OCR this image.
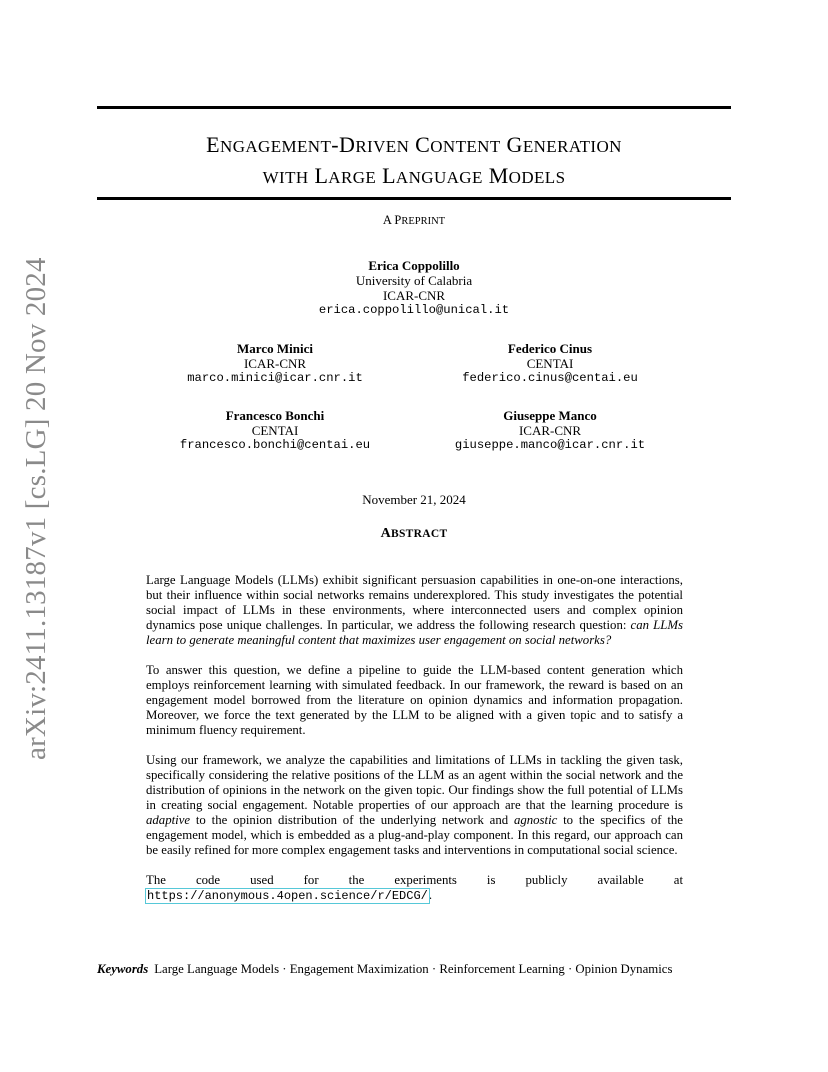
arXiv:2411.13187v1 [cs.LG] 20 Nov 2024
ENGAGEMENT-DRIVEN CONTENT GENERATION
WITH LARGE LANGUAGE MODELS
A PREPRINT
Erica Coppolillo
University of Calabria
ICAR-CNR
erica.coppolillo@unical.it
Marco Minici
ICAR-CNR
marco.minici@icar.cnr.it
Federico Cinus
CENTAI
federico.cinus@centai.eu
Francesco Bonchi
CENTAI
francesco.bonchi@centai.eu
Giuseppe Manco
ICAR-CNR
giuseppe.manco@icar.cnr.it
November 21, 2024
ABSTRACT

Large Language Models (LLMs) exhibit significant persuasion capabilities in one-on-one interactions, but their influence within social networks remains underexplored. This study investigates the potential social impact of LLMs in these environments, where interconnected users and complex opinion dynamics pose unique challenges. In particular, we address the following research question: can LLMs learn to generate meaningful content that maximizes user engagement on social networks?

To answer this question, we define a pipeline to guide the LLM-based content generation which employs reinforcement learning with simulated feedback. In our framework, the reward is based on an engagement model borrowed from the literature on opinion dynamics and information propagation. Moreover, we force the text generated by the LLM to be aligned with a given topic and to satisfy a minimum fluency requirement.

Using our framework, we analyze the capabilities and limitations of LLMs in tackling the given task, specifically considering the relative positions of the LLM as an agent within the social network and the distribution of opinions in the network on the given topic. Our findings show the full potential of LLMs in creating social engagement. Notable properties of our approach are that the learning procedure is adaptive to the opinion distribution of the underlying network and agnostic to the specifics of the engagement model, which is embedded as a plug-and-play component. In this regard, our approach can be easily refined for more complex engagement tasks and interventions in computational social science.

The code used for the experiments is publicly available at https://anonymous.4open.science/r/EDCG/.

Keywords Large Language Models · Engagement Maximization · Reinforcement Learning · Opinion Dynamics
